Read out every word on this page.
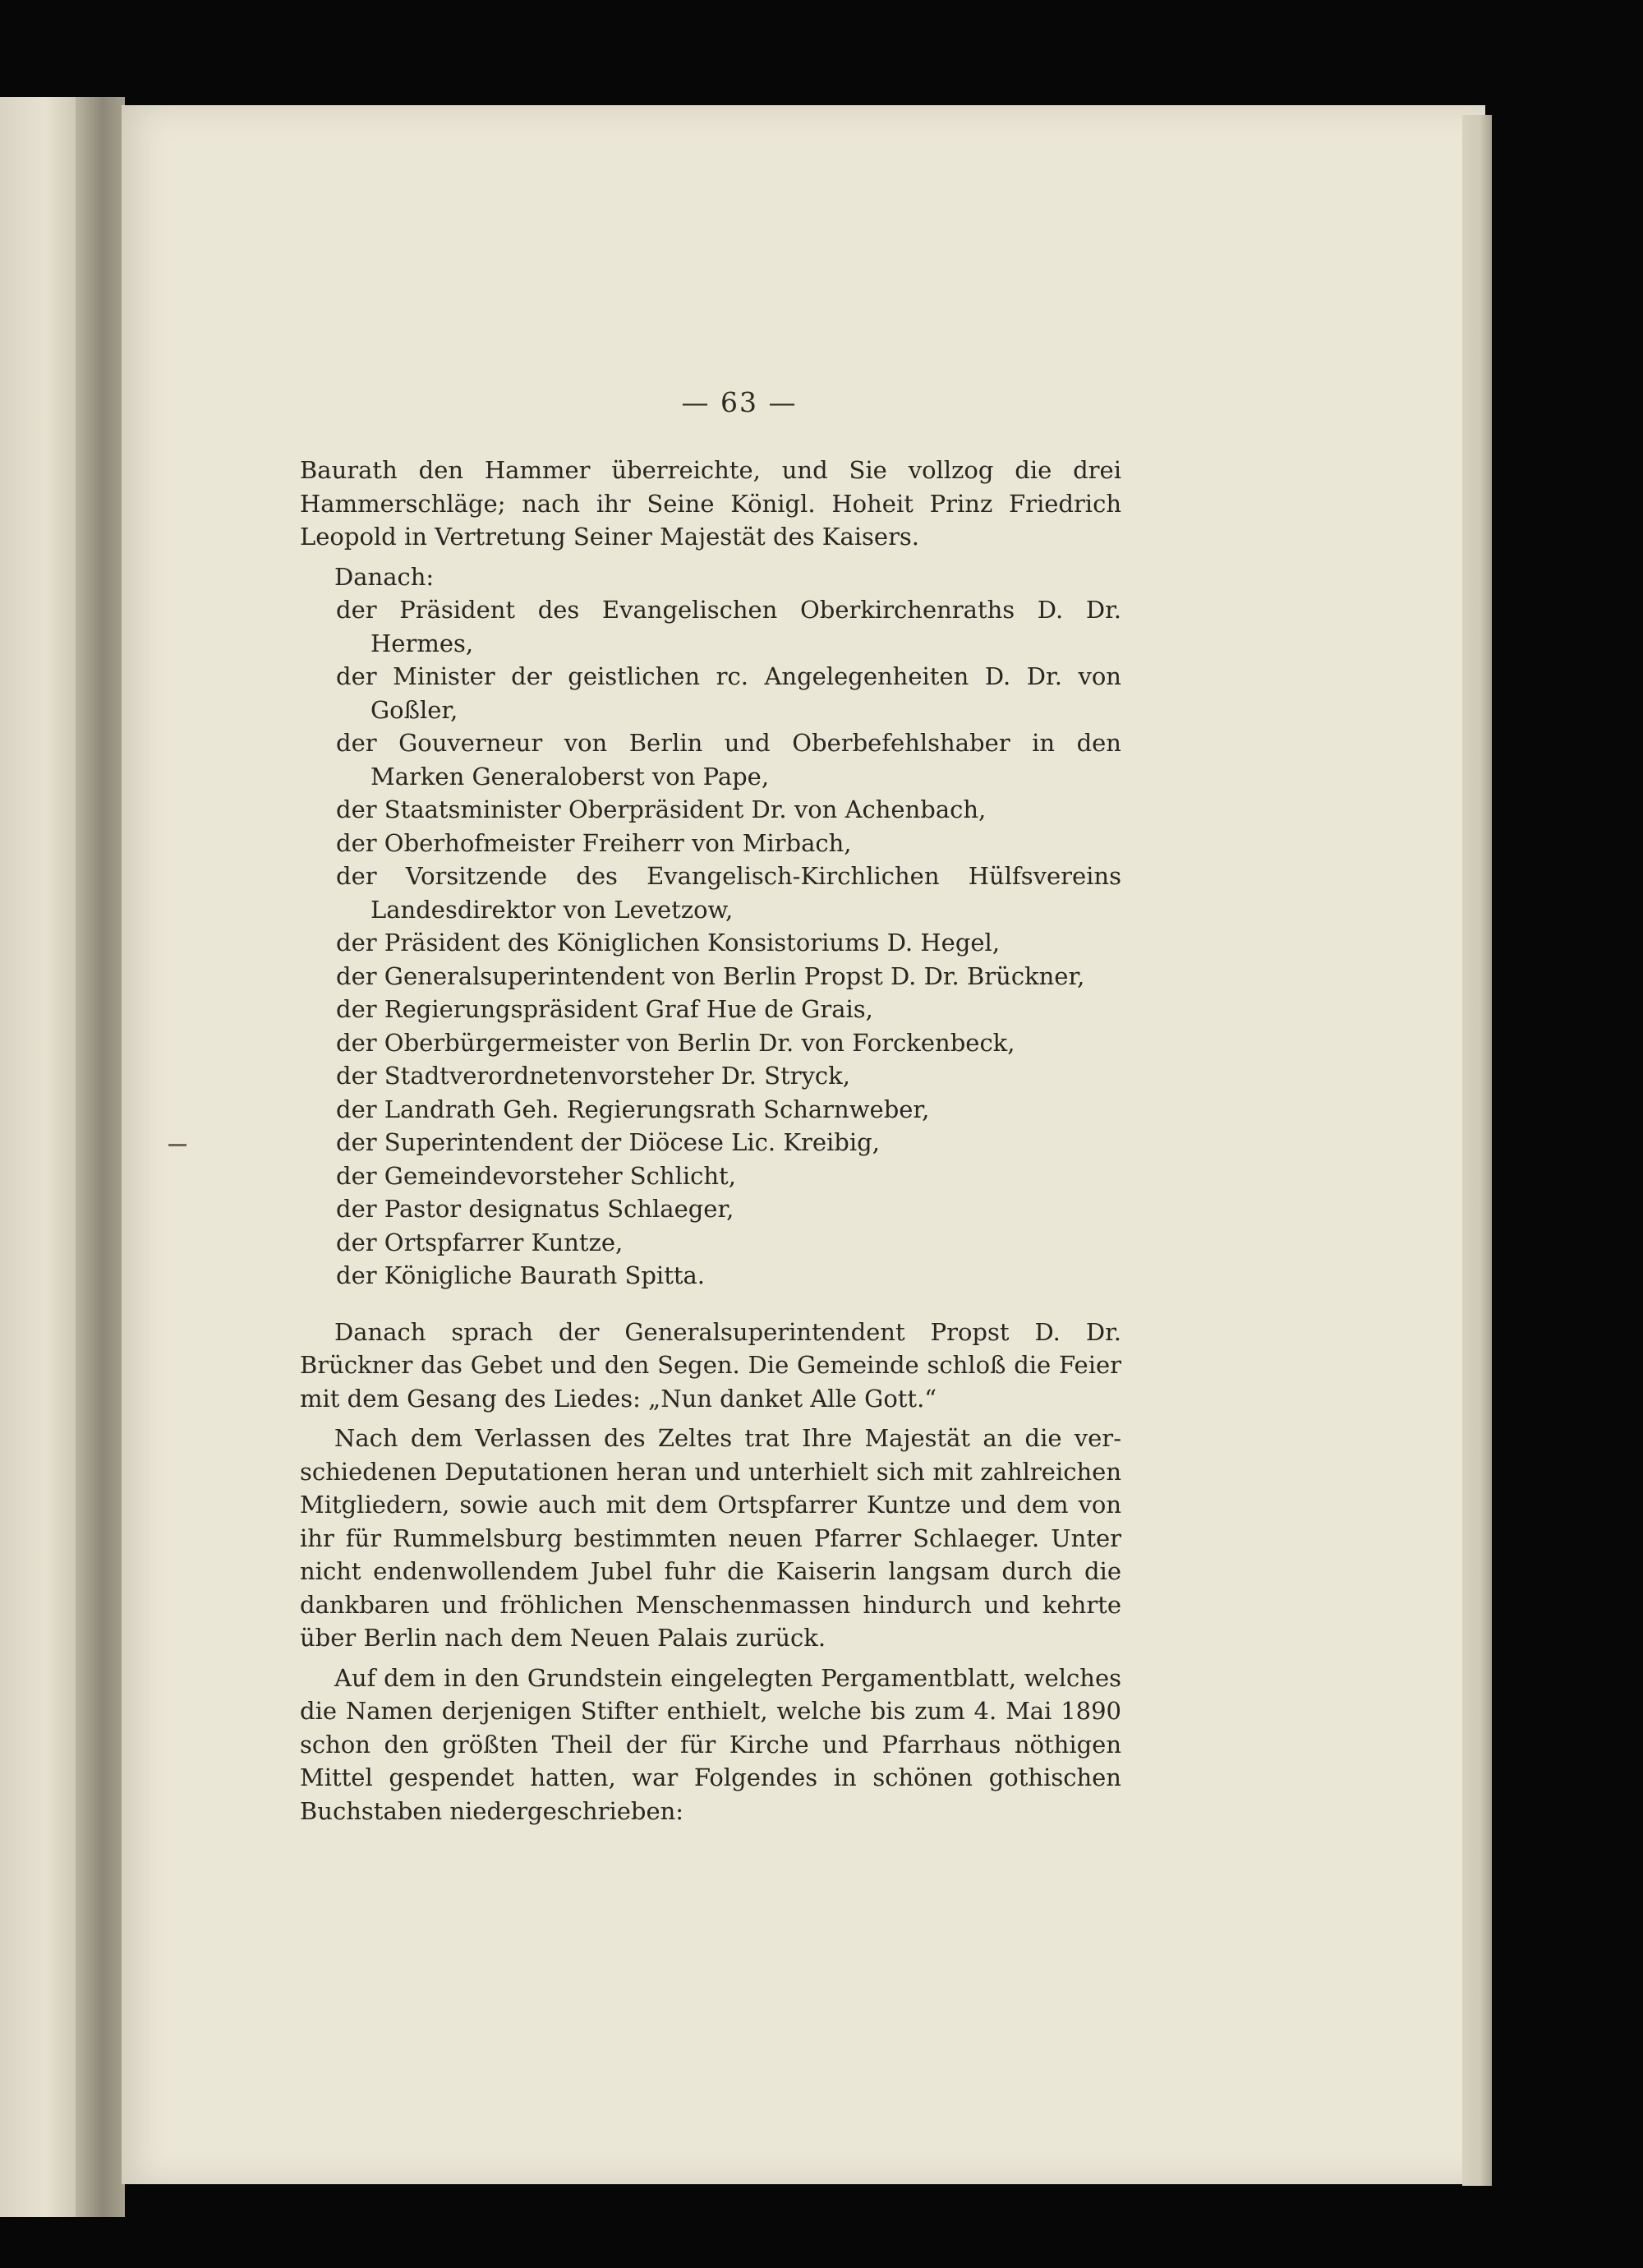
— 63 —

Baurath den Hammer überreichte, und Sie vollzog die drei Hammerschläge; nach ihr Seine Königl. Hoheit Prinz Friedrich Leopold in Vertretung Seiner Majestät des Kaisers.

Danach:

der Präsident des Evangelischen Oberkirchenraths D. Dr. Hermes,
der Minister der geistlichen rc. Angelegenheiten D. Dr. von Goßler,
der Gouverneur von Berlin und Oberbefehlshaber in den Marken Generaloberst von Pape,
der Staatsminister Oberpräsident Dr. von Achenbach,
der Oberhofmeister Freiherr von Mirbach,
der Vorsitzende des Evangelisch-Kirchlichen Hülfsvereins Landesdirektor von Levetzow,
der Präsident des Königlichen Konsistoriums D. Hegel,
der Generalsuperintendent von Berlin Propst D. Dr. Brückner,
der Regierungspräsident Graf Hue de Grais,
der Oberbürgermeister von Berlin Dr. von Forckenbeck,
der Stadtverordnetenvorsteher Dr. Stryck,
der Landrath Geh. Regierungsrath Scharnweber,
der Superintendent der Diöcese Lic. Kreibig,
der Gemeindevorsteher Schlicht,
der Pastor designatus Schlaeger,
der Ortspfarrer Kuntze,
der Königliche Baurath Spitta.

Danach sprach der Generalsuperintendent Propst D. Dr. Brückner das Gebet und den Segen. Die Gemeinde schloß die Feier mit dem Gesang des Liedes: „Nun danket Alle Gott.“

Nach dem Verlassen des Zeltes trat Ihre Majestät an die verschiedenen Deputationen heran und unterhielt sich mit zahlreichen Mitgliedern, sowie auch mit dem Ortspfarrer Kuntze und dem von ihr für Rummelsburg bestimmten neuen Pfarrer Schlaeger. Unter nicht endenwollendem Jubel fuhr die Kaiserin langsam durch die dankbaren und fröhlichen Menschenmassen hindurch und kehrte über Berlin nach dem Neuen Palais zurück.

Auf dem in den Grundstein eingelegten Pergamentblatt, welches die Namen derjenigen Stifter enthielt, welche bis zum 4. Mai 1890 schon den größten Theil der für Kirche und Pfarrhaus nöthigen Mittel gespendet hatten, war Folgendes in schönen gothischen Buchstaben niedergeschrieben:
